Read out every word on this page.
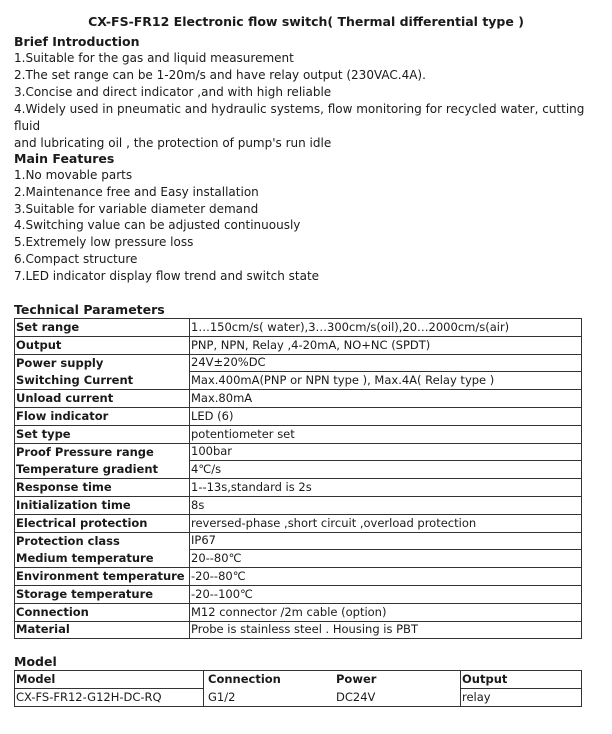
CX-FS-FR12 Electronic flow switch( Thermal differential type )
Brief Introduction
1.Suitable for the gas and liquid measurement
2.The set range can be 1-20m/s and have relay output (230VAC.4A).
3.Concise and direct indicator ,and with high reliable
4.Widely used in pneumatic and hydraulic systems, flow monitoring for recycled water, cutting fluid
and lubricating oil , the protection of pump's run idle
Main Features
1.No movable parts
2.Maintenance free and Easy installation
3.Suitable for variable diameter demand
4.Switching value can be adjusted continuously
5.Extremely low pressure loss
6.Compact structure
7.LED indicator display flow trend and switch state
Technical Parameters
Set range	1…150cm/s( water),3…300cm/s(oil),20…2000cm/s(air)
Output	PNP, NPN, Relay ,4-20mA, NO+NC (SPDT)
Power supply	24V±20%DC
Switching Current	Max.400mA(PNP or NPN type ), Max.4A( Relay type )
Unload current	Max.80mA
Flow indicator	LED (6)
Set type	potentiometer set
Proof Pressure range	100bar
Temperature gradient	4℃/s
Response time	1--13s,standard is 2s
Initialization time	8s
Electrical protection	reversed-phase ,short circuit ,overload protection
Protection class	IP67
Medium temperature	20--80℃
Environment temperature	-20--80℃
Storage temperature	-20--100℃
Connection	M12 connector /2m cable (option)
Material	Probe is stainless steel . Housing is PBT
Model
Model	Connection	Power	Output
CX-FS-FR12-G12H-DC-RQ	G1/2	DC24V	relay
